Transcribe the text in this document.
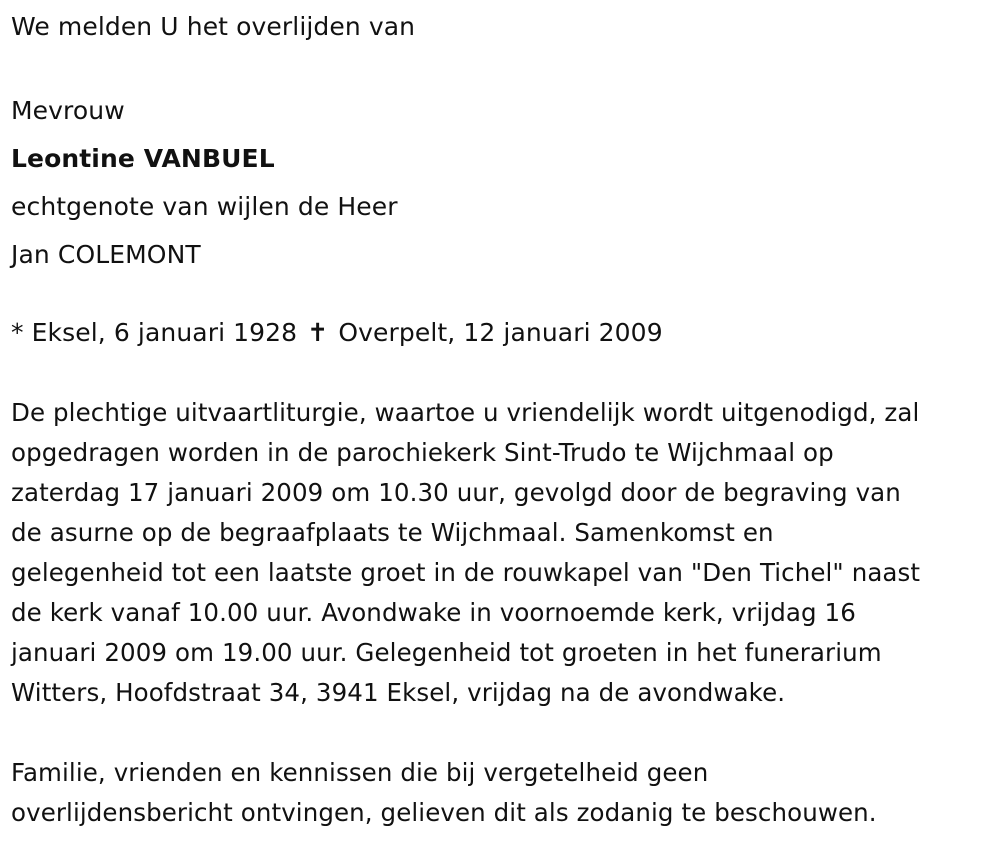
We melden U het overlijden van
Mevrouw
Leontine VANBUEL
echtgenote van wijlen de Heer
Jan COLEMONT
* Eksel, 6 januari 1928 ✝ Overpelt, 12 januari 2009
De plechtige uitvaartliturgie, waartoe u vriendelijk wordt uitgenodigd, zal
opgedragen worden in de parochiekerk Sint-Trudo te Wijchmaal op
zaterdag 17 januari 2009 om 10.30 uur, gevolgd door de begraving van
de asurne op de begraafplaats te Wijchmaal. Samenkomst en
gelegenheid tot een laatste groet in de rouwkapel van "Den Tichel" naast
de kerk vanaf 10.00 uur. Avondwake in voornoemde kerk, vrijdag 16
januari 2009 om 19.00 uur. Gelegenheid tot groeten in het funerarium
Witters, Hoofdstraat 34, 3941 Eksel, vrijdag na de avondwake.
Familie, vrienden en kennissen die bij vergetelheid geen
overlijdensbericht ontvingen, gelieven dit als zodanig te beschouwen.
